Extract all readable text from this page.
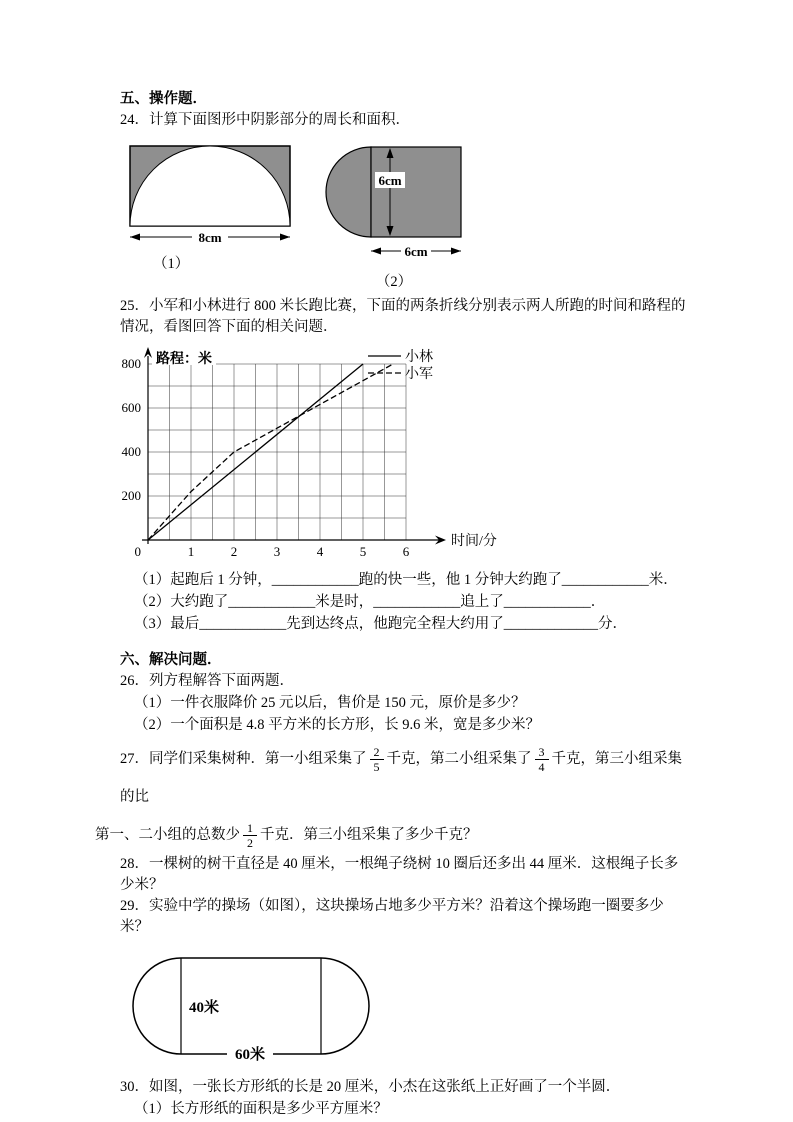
五、操作题．
24．计算下面图形中阴影部分的周长和面积．
8cm
（1）
6cm
6cm
（2）
25．小军和小林进行 800 米长跑比赛，下面的两条折线分别表示两人所跑的时间和路程的情况，看图回答下面的相关问题．
1	2	3	4	5	6
200
400
600
800
0
路程：米
时间/分
小林
小军
（1）起跑后 1 分钟，____________跑的快一些，他 1 分钟大约跑了____________米．
（2）大约跑了____________米是时，____________追上了____________．
（3）最后____________先到达终点，他跑完全程大约用了_____________分．
六、解决问题．
26．列方程解答下面两题．
（1）一件衣服降价 25 元以后，售价是 150 元，原价是多少？
（2）一个面积是 4.8 平方米的长方形，长 9.6 米，宽是多少米？
27．同学们采集树种．第一小组采集了 $\frac{2}{5}$ 千克，第二小组采集了 $\frac{3}{4}$ 千克，第三小组采集的比
第一、二小组的总数少 $\frac{1}{2}$ 千克．第三小组采集了多少千克？
28．一棵树的树干直径是 40 厘米，一根绳子绕树 10 圈后还多出 44 厘米．这根绳子长多少米？
29．实验中学的操场（如图），这块操场占地多少平方米？沿着这个操场跑一圈要多少米？
40米
60米
30．如图，一张长方形纸的长是 20 厘米，小杰在这张纸上正好画了一个半圆．
（1）长方形纸的面积是多少平方厘米？
